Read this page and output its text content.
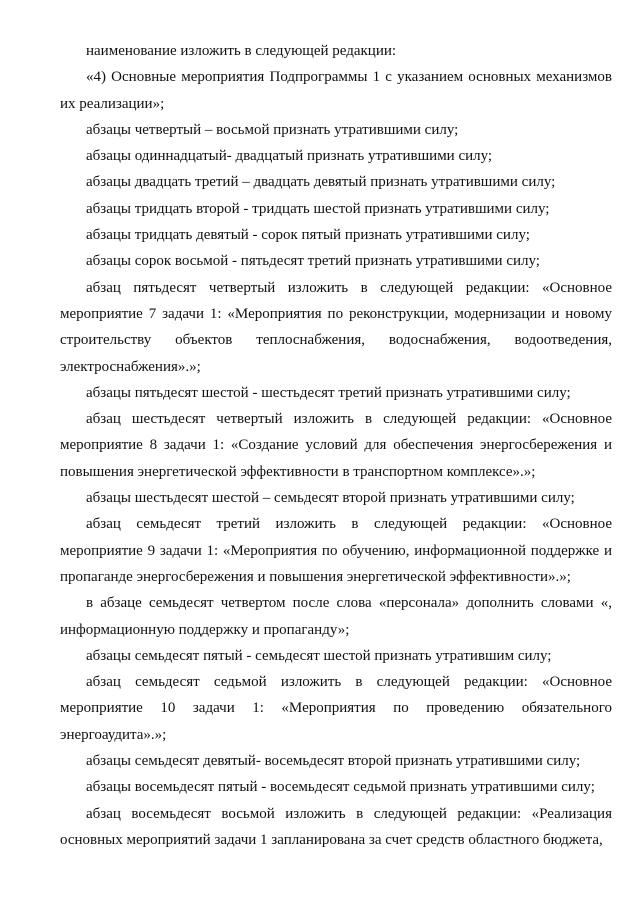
наименование изложить в следующей редакции:

«4) Основные мероприятия Подпрограммы 1 с указанием основных механизмов их реализации»;

абзацы четвертый – восьмой признать утратившими силу;

абзацы одиннадцатый- двадцатый признать утратившими силу;

абзацы двадцать третий – двадцать девятый признать утратившими силу;

абзацы тридцать второй - тридцать шестой признать утратившими силу;

абзацы тридцать девятый - сорок пятый признать утратившими силу;

абзацы сорок восьмой - пятьдесят третий признать утратившими силу;

абзац пятьдесят четвертый изложить в следующей редакции: «Основное мероприятие 7 задачи 1: «Мероприятия по реконструкции, модернизации и новому строительству объектов теплоснабжения, водоснабжения, водоотведения, электроснабжения».»;

абзацы пятьдесят шестой - шестьдесят третий признать утратившими силу;

абзац шестьдесят четвертый изложить в следующей редакции: «Основное мероприятие 8 задачи 1: «Создание условий для обеспечения энергосбережения и повышения энергетической эффективности в транспортном комплексе».»;

абзацы шестьдесят шестой – семьдесят второй признать утратившими силу;

абзац семьдесят третий изложить в следующей редакции: «Основное мероприятие 9 задачи 1: «Мероприятия по обучению, информационной поддержке и пропаганде энергосбережения и повышения энергетической эффективности».»;

в абзаце семьдесят четвертом после слова «персонала» дополнить словами «, информационную поддержку и пропаганду»;

абзацы семьдесят пятый - семьдесят шестой признать утратившим силу;

абзац семьдесят седьмой изложить в следующей редакции: «Основное мероприятие 10 задачи 1: «Мероприятия по проведению обязательного энергоаудита».»;

абзацы семьдесят девятый- восемьдесят второй признать утратившими силу;

абзацы восемьдесят пятый - восемьдесят седьмой признать утратившими силу;

абзац восемьдесят восьмой изложить в следующей редакции: «Реализация основных мероприятий задачи 1 запланирована за счет средств областного бюджета,
